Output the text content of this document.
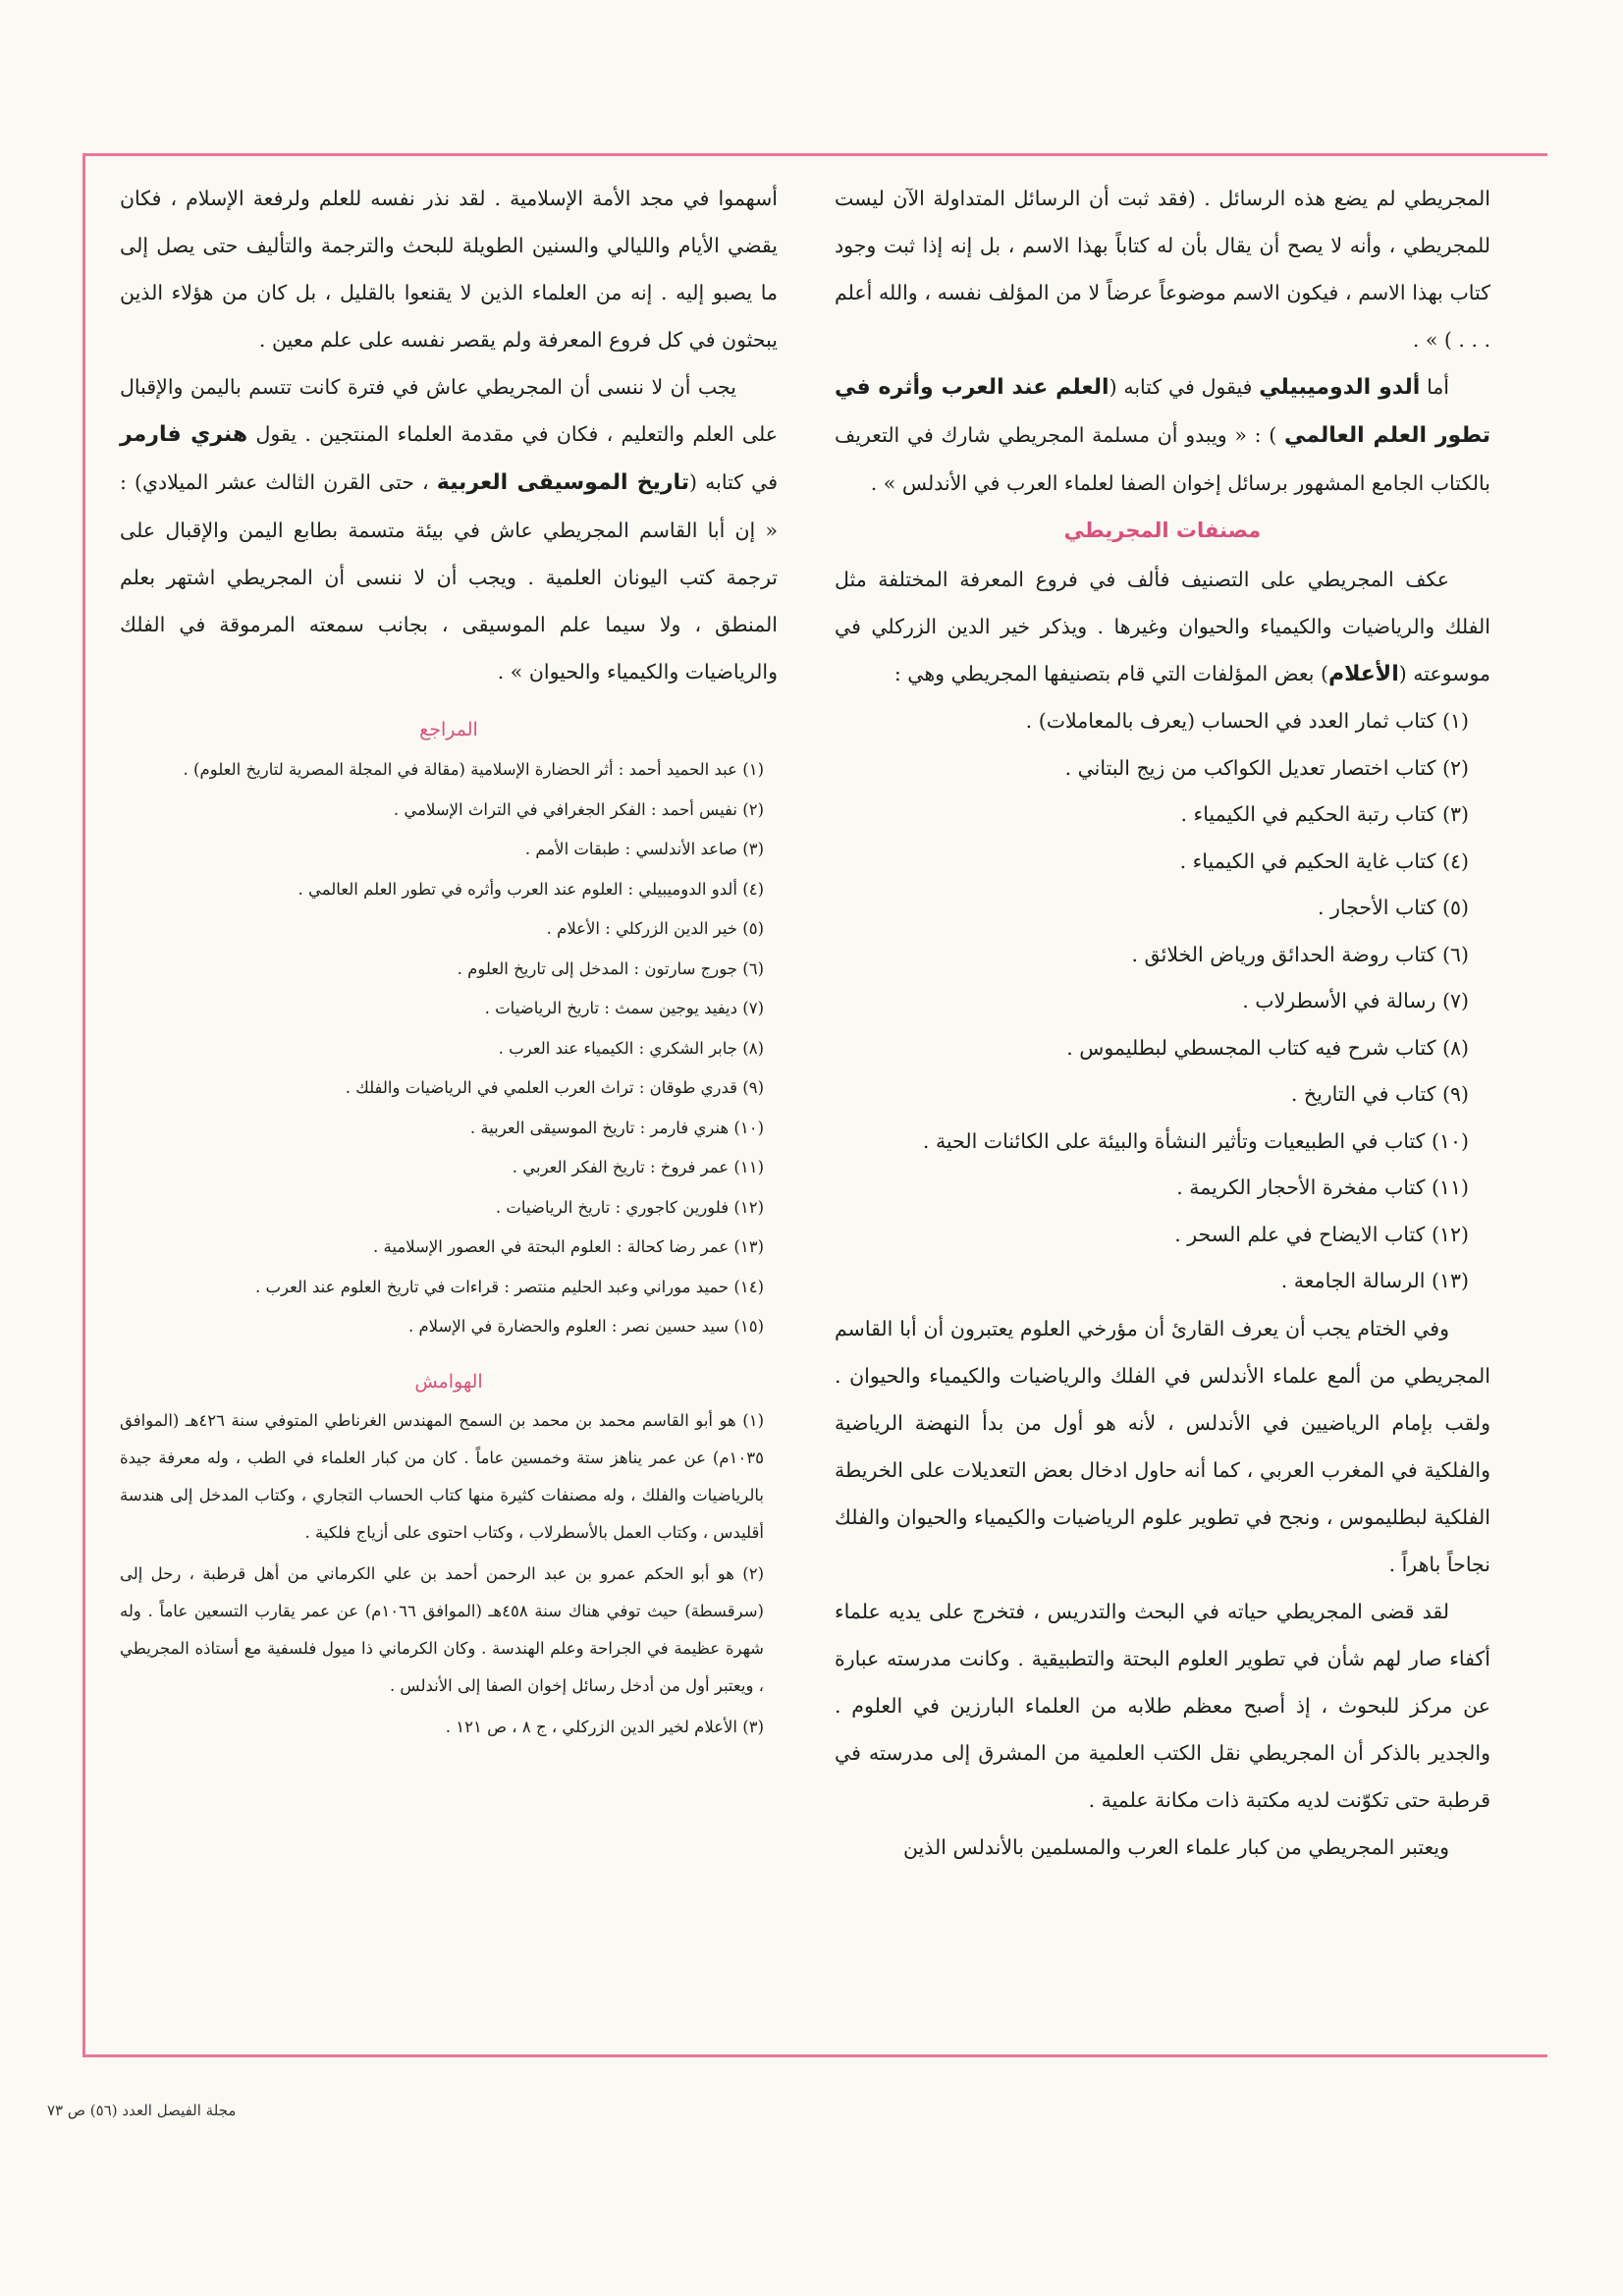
المجريطي لم يضع هذه الرسائل . (فقد ثبت أن الرسائل المتداولة الآن ليست للمجريطي ، وأنه لا يصح أن يقال بأن له كتاباً بهذا الاسم ، بل إنه إذا ثبت وجود كتاب بهذا الاسم ، فيكون الاسم موضوعاً عرضاً لا من المؤلف نفسه ، والله أعلم . . . ) » .

أما ألدو الدوميبيلي فيقول في كتابه (العلم عند العرب وأثره في تطور العلم العالمي ) : « ويبدو أن مسلمة المجريطي شارك في التعريف بالكتاب الجامع المشهور برسائل إخوان الصفا لعلماء العرب في الأندلس » .

مصنفات المجريطي

عكف المجريطي على التصنيف فألف في فروع المعرفة المختلفة مثل الفلك والرياضيات والكيمياء والحيوان وغيرها . ويذكر خير الدين الزركلي في موسوعته (الأعلام) بعض المؤلفات التي قام بتصنيفها المجريطي وهي :

(١) كتاب ثمار العدد في الحساب (يعرف بالمعاملات) .
(٢) كتاب اختصار تعديل الكواكب من زيج البتاني .
(٣) كتاب رتبة الحكيم في الكيمياء .
(٤) كتاب غاية الحكيم في الكيمياء .
(٥) كتاب الأحجار .
(٦) كتاب روضة الحدائق ورياض الخلائق .
(٧) رسالة في الأسطرلاب .
(٨) كتاب شرح فيه كتاب المجسطي لبطليموس .
(٩) كتاب في التاريخ .
(١٠) كتاب في الطبيعيات وتأثير النشأة والبيئة على الكائنات الحية .
(١١) كتاب مفخرة الأحجار الكريمة .
(١٢) كتاب الايضاح في علم السحر .
(١٣) الرسالة الجامعة .

وفي الختام يجب أن يعرف القارئ أن مؤرخي العلوم يعتبرون أن أبا القاسم المجريطي من ألمع علماء الأندلس في الفلك والرياضيات والكيمياء والحيوان . ولقب بإمام الرياضيين في الأندلس ، لأنه هو أول من بدأ النهضة الرياضية والفلكية في المغرب العربي ، كما أنه حاول ادخال بعض التعديلات على الخريطة الفلكية لبطليموس ، ونجح في تطوير علوم الرياضيات والكيمياء والحيوان والفلك نجاحاً باهراً .

لقد قضى المجريطي حياته في البحث والتدريس ، فتخرج على يديه علماء أكفاء صار لهم شأن في تطوير العلوم البحتة والتطبيقية . وكانت مدرسته عبارة عن مركز للبحوث ، إذ أصبح معظم طلابه من العلماء البارزين في العلوم . والجدير بالذكر أن المجريطي نقل الكتب العلمية من المشرق إلى مدرسته في قرطبة حتى تكوّنت لديه مكتبة ذات مكانة علمية .

ويعتبر المجريطي من كبار علماء العرب والمسلمين بالأندلس الذين

أسهموا في مجد الأمة الإسلامية . لقد نذر نفسه للعلم ولرفعة الإسلام ، فكان يقضي الأيام والليالي والسنين الطويلة للبحث والترجمة والتأليف حتى يصل إلى ما يصبو إليه . إنه من العلماء الذين لا يقنعوا بالقليل ، بل كان من هؤلاء الذين يبحثون في كل فروع المعرفة ولم يقصر نفسه على علم معين .

يجب أن لا ننسى أن المجريطي عاش في فترة كانت تتسم باليمن والإقبال على العلم والتعليم ، فكان في مقدمة العلماء المنتجين . يقول هنري فارمر في كتابه (تاريخ الموسيقى العربية ، حتى القرن الثالث عشر الميلادي) : « إن أبا القاسم المجريطي عاش في بيئة متسمة بطابع اليمن والإقبال على ترجمة كتب اليونان العلمية . ويجب أن لا ننسى أن المجريطي اشتهر بعلم المنطق ، ولا سيما علم الموسيقى ، بجانب سمعته المرموقة في الفلك والرياضيات والكيمياء والحيوان » .

المراجع
(١) عبد الحميد أحمد : أثر الحضارة الإسلامية (مقالة في المجلة المصرية لتاريخ العلوم) .
(٢) نفيس أحمد : الفكر الجغرافي في التراث الإسلامي .
(٣) صاعد الأندلسي : طبقات الأمم .
(٤) ألدو الدوميبيلي : العلوم عند العرب وأثره في تطور العلم العالمي .
(٥) خير الدين الزركلي : الأعلام .
(٦) جورج سارتون : المدخل إلى تاريخ العلوم .
(٧) ديفيد يوجين سمث : تاريخ الرياضيات .
(٨) جابر الشكري : الكيمياء عند العرب .
(٩) قدري طوقان : تراث العرب العلمي في الرياضيات والفلك .
(١٠) هنري فارمر : تاريخ الموسيقى العربية .
(١١) عمر فروخ : تاريخ الفكر العربي .
(١٢) فلورين كاجوري : تاريخ الرياضيات .
(١٣) عمر رضا كحالة : العلوم البحتة في العصور الإسلامية .
(١٤) حميد موراني وعبد الحليم منتصر : قراءات في تاريخ العلوم عند العرب .
(١٥) سيد حسين نصر : العلوم والحضارة في الإسلام .
الهوامش
(١) هو أبو القاسم محمد بن محمد بن السمح المهندس الغرناطي المتوفي سنة ٤٢٦هـ (الموافق ١٠٣٥م) عن عمر يناهز ستة وخمسين عاماً . كان من كبار العلماء في الطب ، وله معرفة جيدة بالرياضيات والفلك ، وله مصنفات كثيرة منها كتاب الحساب التجاري ، وكتاب المدخل إلى هندسة أقليدس ، وكتاب العمل بالأسطرلاب ، وكتاب احتوى على أزياج فلكية .
(٢) هو أبو الحكم عمرو بن عبد الرحمن أحمد بن علي الكرماني من أهل قرطبة ، رحل إلى (سرقسطة) حيث توفي هناك سنة ٤٥٨هـ (الموافق ١٠٦٦م) عن عمر يقارب التسعين عاماً . وله شهرة عظيمة في الجراحة وعلم الهندسة . وكان الكرماني ذا ميول فلسفية مع أستاذه المجريطي ، ويعتبر أول من أدخل رسائل إخوان الصفا إلى الأندلس .
(٣) الأعلام لخير الدين الزركلي ، ج ٨ ، ص ١٢١ .
مجلة الفيصل العدد (٥٦) ص ٧٣
